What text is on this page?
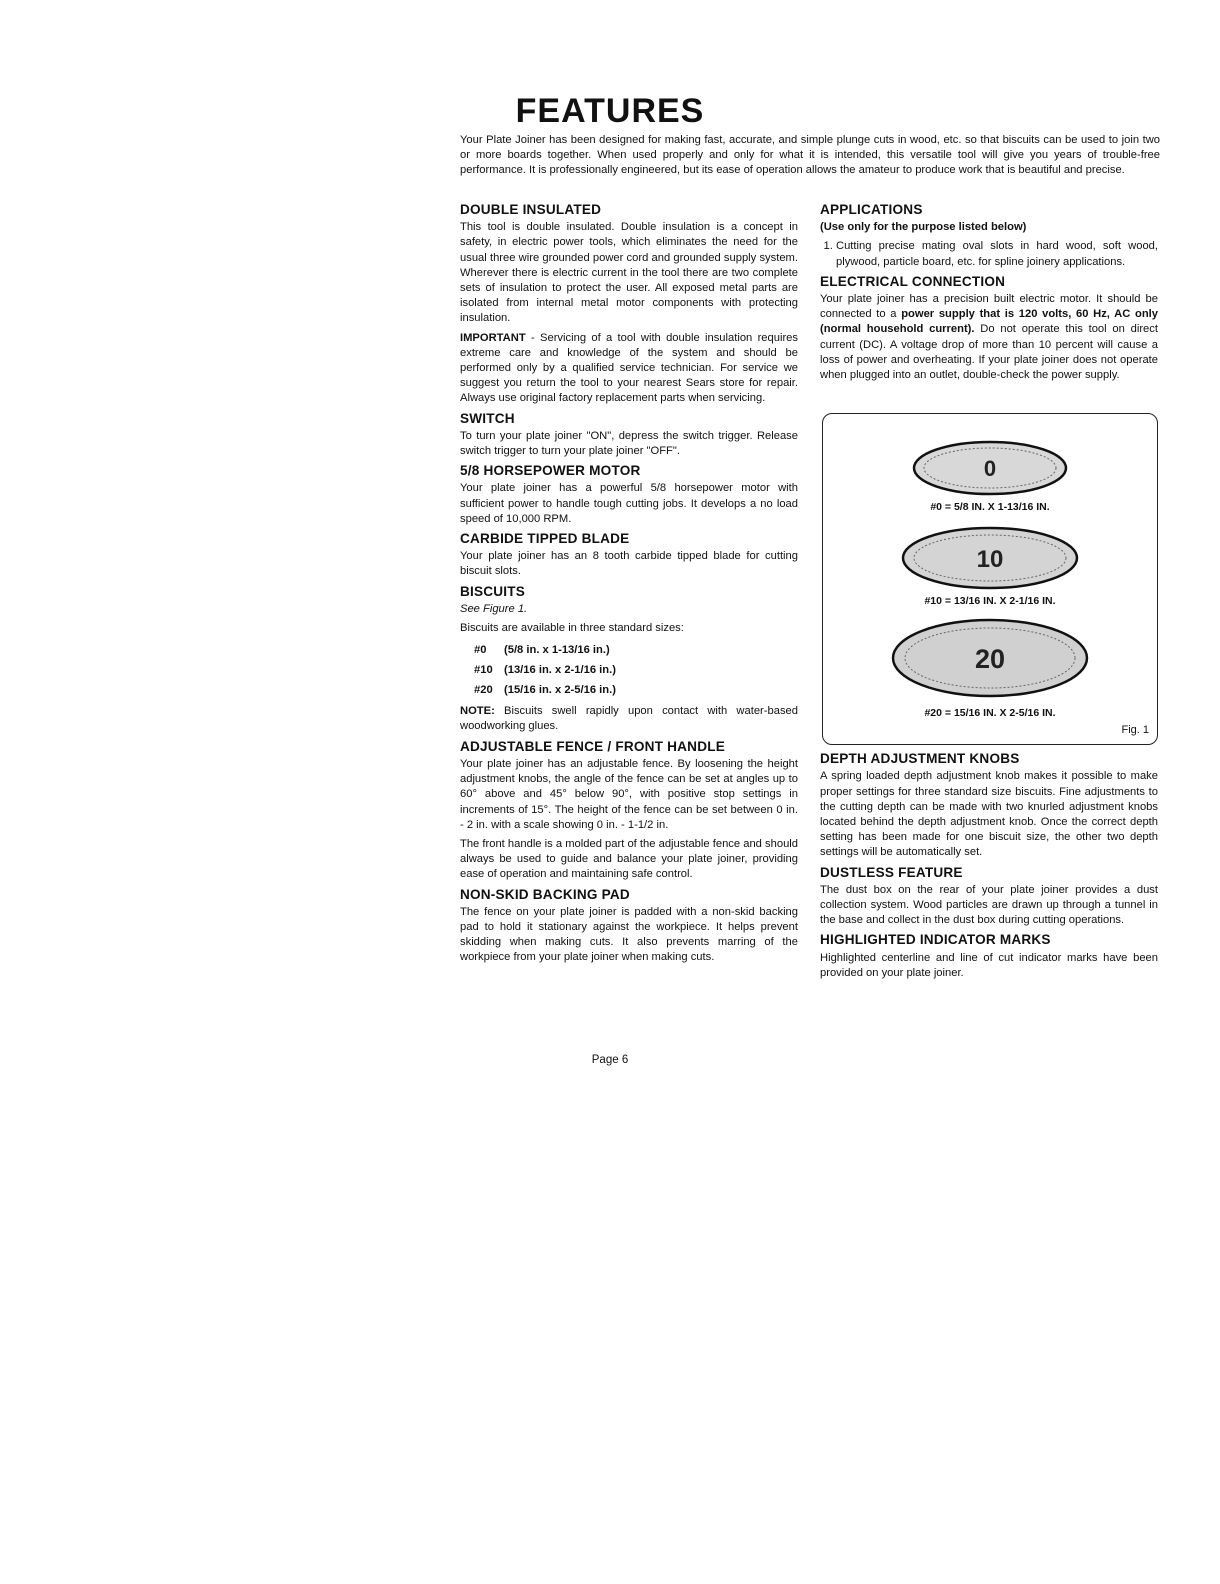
FEATURES
Your Plate Joiner has been designed for making fast, accurate, and simple plunge cuts in wood, etc. so that biscuits can be used to join two or more boards together. When used properly and only for what it is intended, this versatile tool will give you years of trouble-free performance. It is professionally engineered, but its ease of operation allows the amateur to produce work that is beautiful and precise.
DOUBLE INSULATED

This tool is double insulated. Double insulation is a concept in safety, in electric power tools, which eliminates the need for the usual three wire grounded power cord and grounded supply system. Wherever there is electric current in the tool there are two complete sets of insulation to protect the user. All exposed metal parts are isolated from internal metal motor components with protecting insulation.

IMPORTANT - Servicing of a tool with double insulation requires extreme care and knowledge of the system and should be performed only by a qualified service technician. For service we suggest you return the tool to your nearest Sears store for repair. Always use original factory replacement parts when servicing.

SWITCH

To turn your plate joiner "ON", depress the switch trigger. Release switch trigger to turn your plate joiner "OFF".

5/8 HORSEPOWER MOTOR

Your plate joiner has a powerful 5/8 horsepower motor with sufficient power to handle tough cutting jobs. It develops a no load speed of 10,000 RPM.

CARBIDE TIPPED BLADE

Your plate joiner has an 8 tooth carbide tipped blade for cutting biscuit slots.

BISCUITS

See Figure 1.

Biscuits are available in three standard sizes:

#0 (5/8 in. x 1-13/16 in.)
#10 (13/16 in. x 2-1/16 in.)
#20 (15/16 in. x 2-5/16 in.)

NOTE: Biscuits swell rapidly upon contact with water-based woodworking glues.

ADJUSTABLE FENCE / FRONT HANDLE

Your plate joiner has an adjustable fence. By loosening the height adjustment knobs, the angle of the fence can be set at angles up to 60° above and 45° below 90°, with positive stop settings in increments of 15°. The height of the fence can be set between 0 in. - 2 in. with a scale showing 0 in. - 1-1/2 in.

The front handle is a molded part of the adjustable fence and should always be used to guide and balance your plate joiner, providing ease of operation and maintaining safe control.

NON-SKID BACKING PAD

The fence on your plate joiner is padded with a non-skid backing pad to hold it stationary against the workpiece. It helps prevent skidding when making cuts. It also prevents marring of the workpiece from your plate joiner when making cuts.

APPLICATIONS

(Use only for the purpose listed below)

1. Cutting precise mating oval slots in hard wood, soft wood, plywood, particle board, etc. for spline joinery applications.
ELECTRICAL CONNECTION

Your plate joiner has a precision built electric motor. It should be connected to a power supply that is 120 volts, 60 Hz, AC only (normal household current). Do not operate this tool on direct current (DC). A voltage drop of more than 10 percent will cause a loss of power and overheating. If your plate joiner does not operate when plugged into an outlet, double-check the power supply.

0
#0 = 5/8 IN. X 1-13/16 IN.
10
#10 = 13/16 IN. X 2-1/16 IN.
20
#20 = 15/16 IN. X 2-5/16 IN.
Fig. 1
DEPTH ADJUSTMENT KNOBS

A spring loaded depth adjustment knob makes it possible to make proper settings for three standard size biscuits. Fine adjustments to the cutting depth can be made with two knurled adjustment knobs located behind the depth adjustment knob. Once the correct depth setting has been made for one biscuit size, the other two depth settings will be automatically set.

DUSTLESS FEATURE

The dust box on the rear of your plate joiner provides a dust collection system. Wood particles are drawn up through a tunnel in the base and collect in the dust box during cutting operations.

HIGHLIGHTED INDICATOR MARKS

Highlighted centerline and line of cut indicator marks have been provided on your plate joiner.

Page 6
